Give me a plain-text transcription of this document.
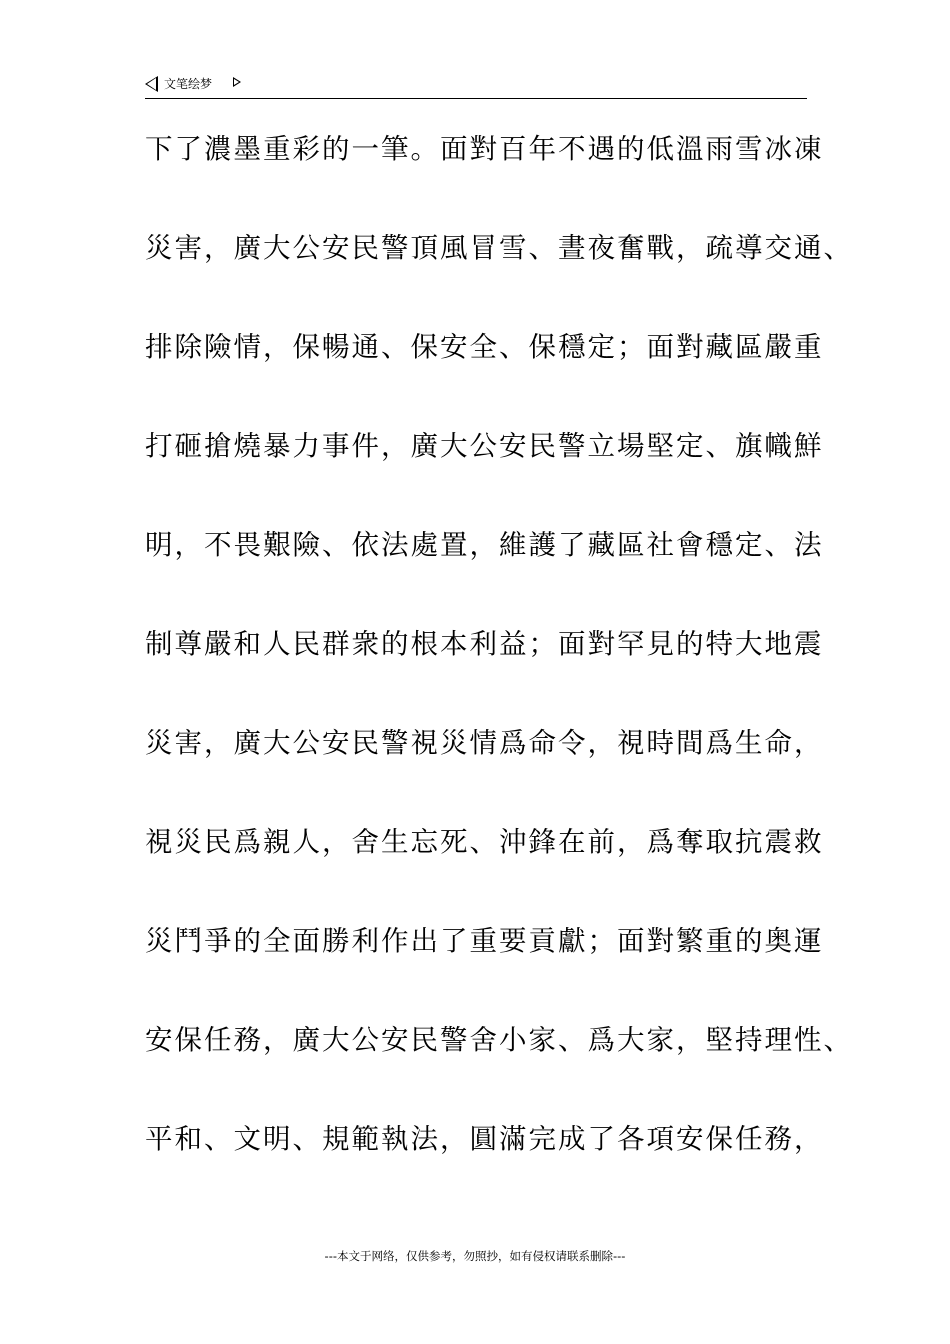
文笔绘梦
下了濃墨重彩的一筆。面對百年不遇的低溫雨雪冰凍
災害，廣大公安民警頂風冒雪、晝夜奮戰，疏導交通、
排除險情，保暢通、保安全、保穩定；面對藏區嚴重
打砸搶燒暴力事件，廣大公安民警立場堅定、旗幟鮮
明，不畏艱險、依法處置，維護了藏區社會穩定、法
制尊嚴和人民群衆的根本利益；面對罕見的特大地震
災害，廣大公安民警視災情爲命令，視時間爲生命，
視災民爲親人，舍生忘死、沖鋒在前，爲奪取抗震救
災鬥爭的全面勝利作出了重要貢獻；面對繁重的奥運
安保任務，廣大公安民警舍小家、爲大家，堅持理性、
平和、文明、規範執法，圓滿完成了各項安保任務，
---本文于网络，仅供参考，勿照抄，如有侵权请联系删除---
